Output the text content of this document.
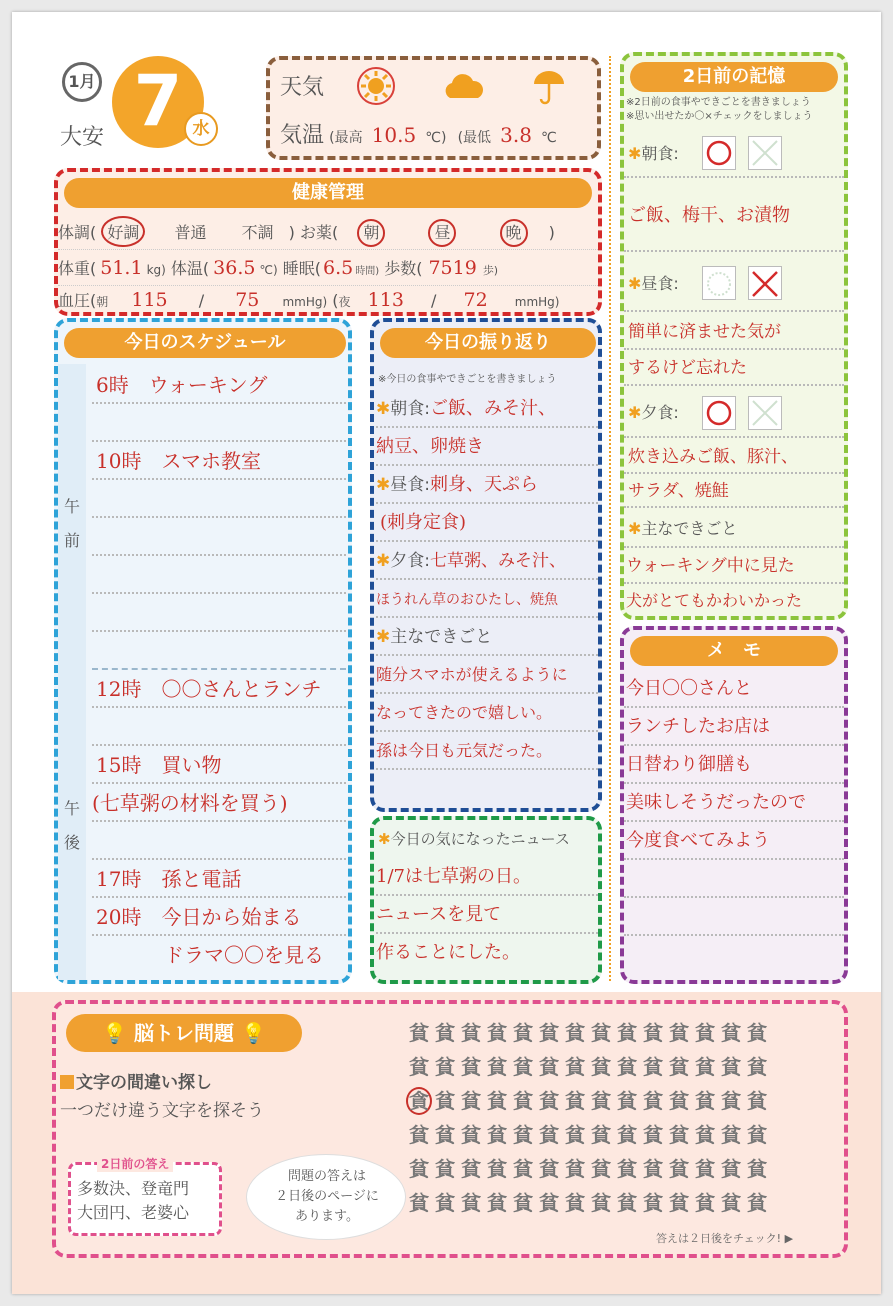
1月
大安 7 水
天気
気温 (最高 10.5 ℃) (最低 3.8 ℃
健康管理
体調( 好調 普通 不調 ) お薬( 朝	昼	晩 )
体重( 51.1 kg) 体温( 36.5 ℃) 睡眠( 6.5 時間) 歩数( 7519 歩)
血圧(朝 115 / 75 mmHg) (夜 113 / 72 mmHg)
今日のスケジュール
午
前
午
後
6時　ウォーキング
10時　スマホ教室
12時　〇〇さんとランチ
15時　買い物
(七草粥の材料を買う)
17時　孫と電話
20時　今日から始まる
ドラマ〇〇を見る
今日の振り返り
※今日の食事やできごとを書きましょう
✱朝食:ご飯、みそ汁、
納豆、卵焼き
✱昼食:刺身、天ぷら
(刺身定食)
✱夕食:七草粥、みそ汁、
ほうれん草のおひたし、焼魚
✱主なできごと
随分スマホが使えるように
なってきたので嬉しい。
孫は今日も元気だった。
✱今日の気になったニュース
1/7は七草粥の日。
ニュースを見て
作ることにした。
2日前の記憶
※2日前の食事やできごとを書きましょう
※思い出せたか〇×チェックをしましょう
✱朝食:
ご飯、梅干、お漬物
✱昼食:
簡単に済ませた気が
するけど忘れた
✱夕食:
炊き込みご飯、豚汁、
サラダ、焼鮭
✱主なできごと
ウォーキング中に見た
犬がとてもかわいかった
メ　モ
今日〇〇さんと
ランチしたお店は
日替わり御膳も
美味しそうだったので
今度食べてみよう
💡 脳トレ問題 💡
文字の間違い探し
一つだけ違う文字を探そう
2日前の答え
多数決、登竜門
大団円、老婆心
問題の答えは
２日後のページに
あります。
貧 貧 貧 貧 貧 貧 貧 貧 貧 貧 貧 貧 貧 貧
貧 貧 貧 貧 貧 貧 貧 貧 貧 貧 貧 貧 貧 貧
貪 貧 貧 貧 貧 貧 貧 貧 貧 貧 貧 貧 貧 貧
貧 貧 貧 貧 貧 貧 貧 貧 貧 貧 貧 貧 貧 貧
貧 貧 貧 貧 貧 貧 貧 貧 貧 貧 貧 貧 貧 貧
貧 貧 貧 貧 貧 貧 貧 貧 貧 貧 貧 貧 貧 貧
答えは２日後をチェック! ▶
